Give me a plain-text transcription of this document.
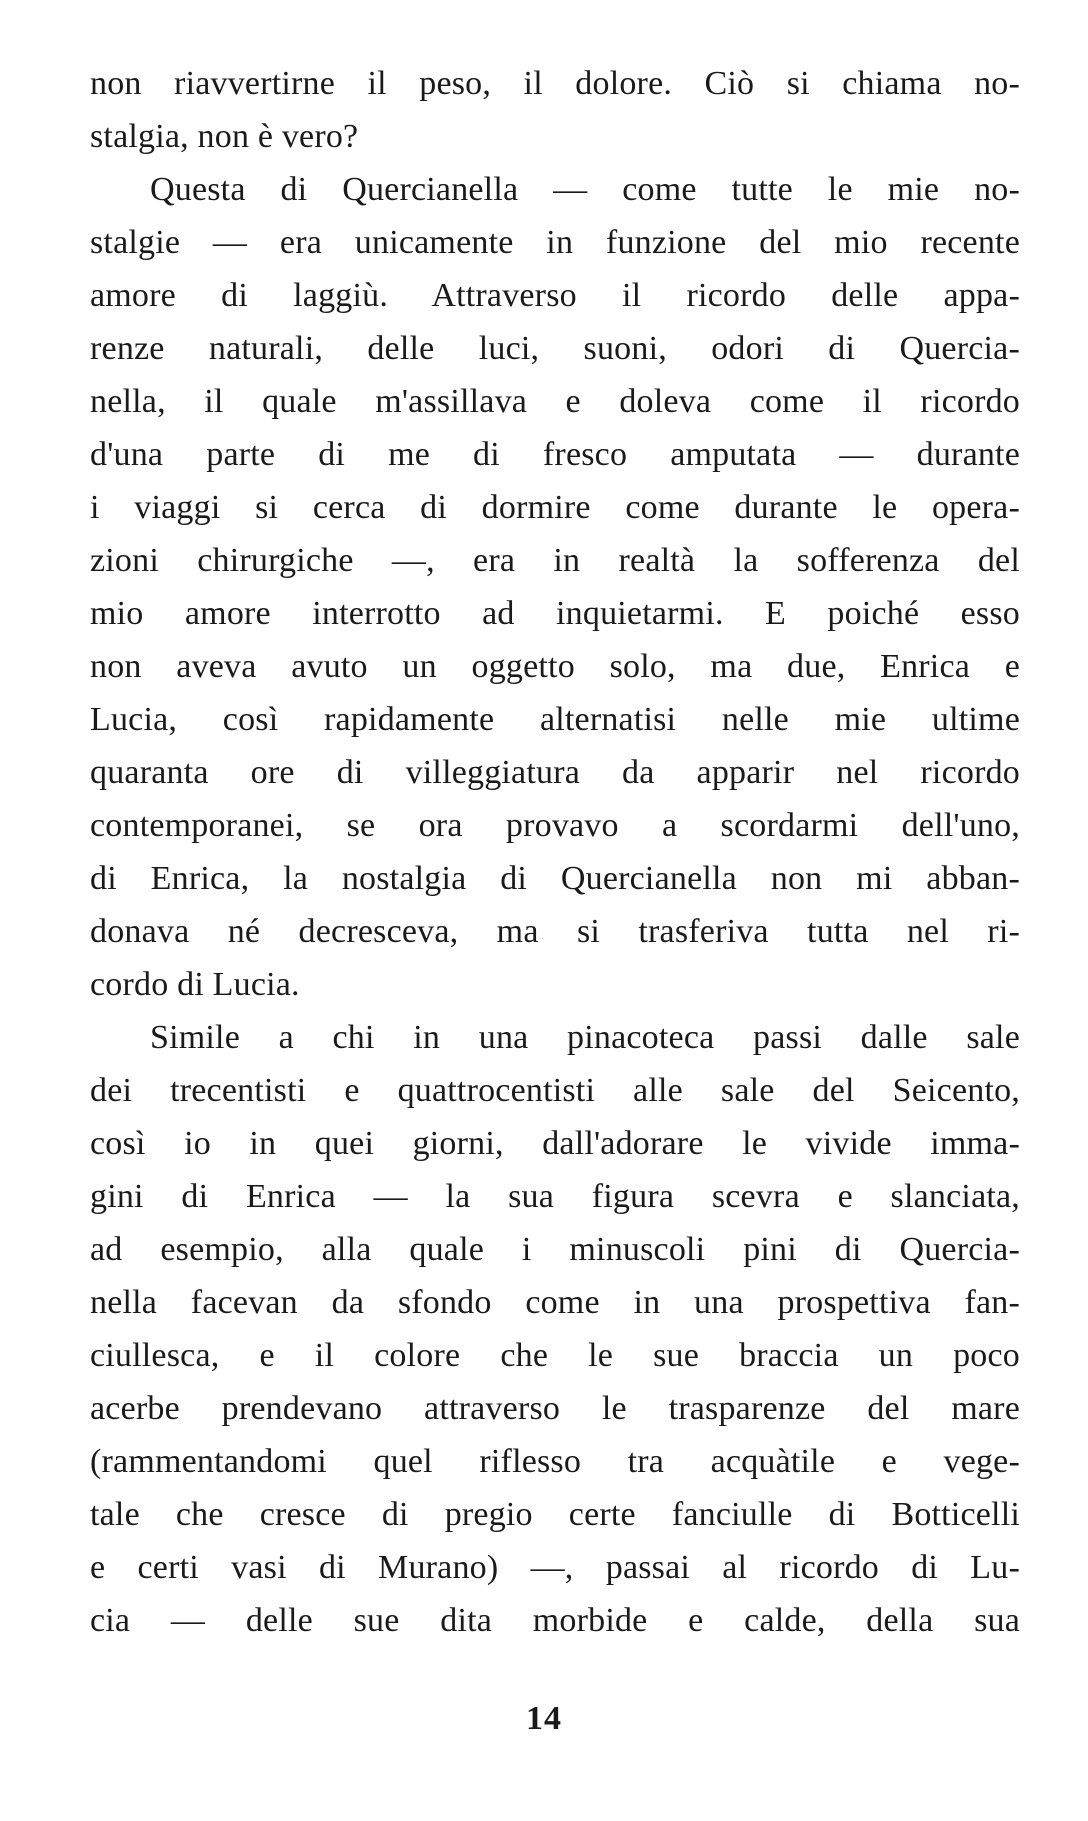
non riavvertirne il peso, il dolore. Ciò si chiama no-
stalgia, non è vero?
Questa di Quercianella — come tutte le mie no-
stalgie — era unicamente in funzione del mio recente
amore di laggiù. Attraverso il ricordo delle appa-
renze naturali, delle luci, suoni, odori di Quercia-
nella, il quale m'assillava e doleva come il ricordo
d'una parte di me di fresco amputata — durante
i viaggi si cerca di dormire come durante le opera-
zioni chirurgiche —, era in realtà la sofferenza del
mio amore interrotto ad inquietarmi. E poiché esso
non aveva avuto un oggetto solo, ma due, Enrica e
Lucia, così rapidamente alternatisi nelle mie ultime
quaranta ore di villeggiatura da apparir nel ricordo
contemporanei, se ora provavo a scordarmi dell'uno,
di Enrica, la nostalgia di Quercianella non mi abban-
donava né decresceva, ma si trasferiva tutta nel ri-
cordo di Lucia.
Simile a chi in una pinacoteca passi dalle sale
dei trecentisti e quattrocentisti alle sale del Seicento,
così io in quei giorni, dall'adorare le vivide imma-
gini di Enrica — la sua figura scevra e slanciata,
ad esempio, alla quale i minuscoli pini di Quercia-
nella facevan da sfondo come in una prospettiva fan-
ciullesca, e il colore che le sue braccia un poco
acerbe prendevano attraverso le trasparenze del mare
(rammentandomi quel riflesso tra acquàtile e vege-
tale che cresce di pregio certe fanciulle di Botticelli
e certi vasi di Murano) —, passai al ricordo di Lu-
cia — delle sue dita morbide e calde, della sua
14
